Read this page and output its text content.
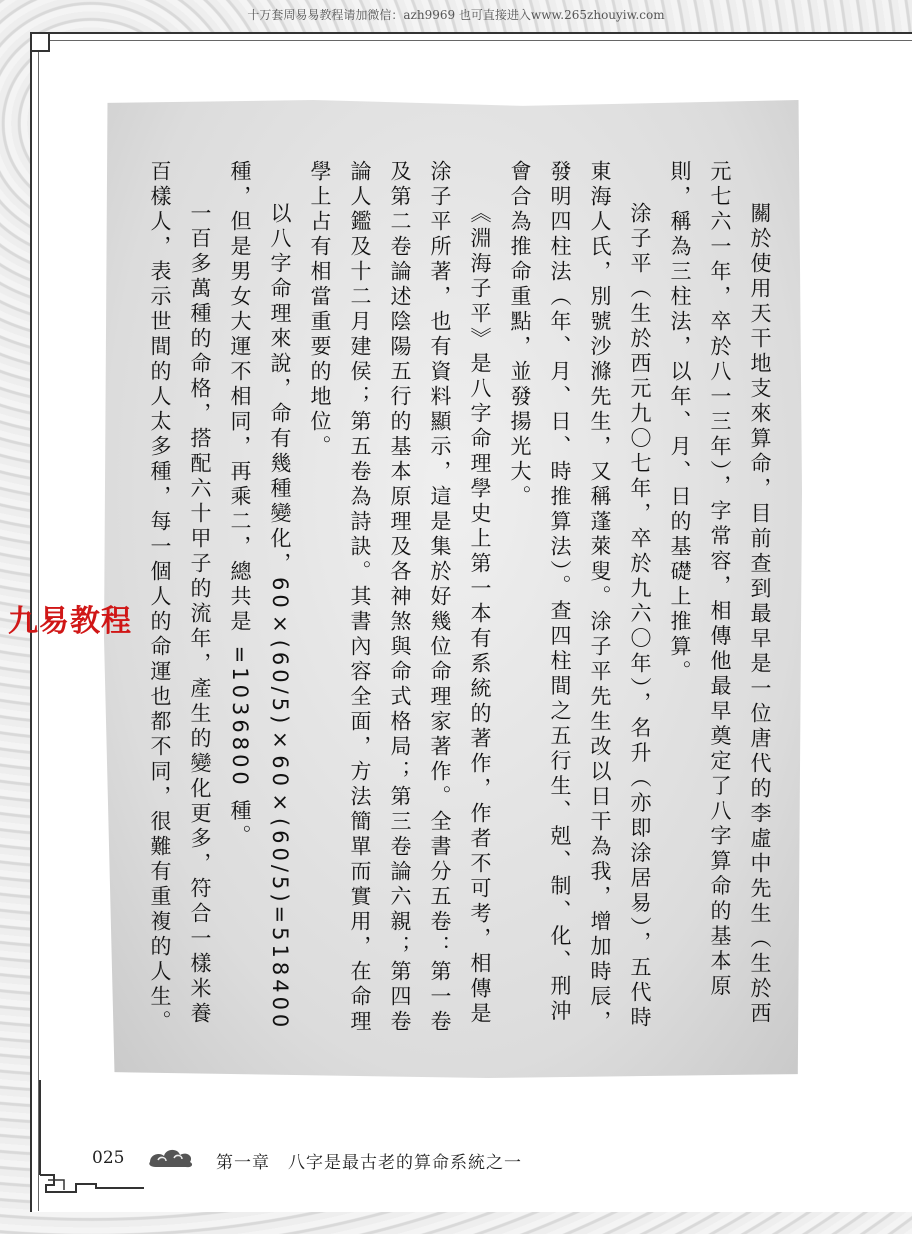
十万套周易易教程请加微信：azh9969 也可直接进入www.265zhouyiw.com

關於使用天干地支來算命，目前查到最早是一位唐代的李虛中先生（生於西元七六一年，卒於八一三年），字常容，相傳他最早奠定了八字算命的基本原則，稱為三柱法，以年、月、日的基礎上推算。

涂子平（生於西元九〇七年，卒於九六〇年），名升（亦即涂居易），五代時東海人氏，別號沙滌先生，又稱蓬萊叟。涂子平先生改以日干為我，增加時辰，發明四柱法（年、月、日、時推算法）。查四柱間之五行生、剋、制、化、刑沖會合為推命重點，並發揚光大。

《淵海子平》是八字命理學史上第一本有系統的著作，作者不可考，相傳是涂子平所著，也有資料顯示，這是集於好幾位命理家著作。全書分五卷：第一卷及第二卷論述陰陽五行的基本原理及各神煞與命式格局；第三卷論六親；第四卷論人鑑及十二月建侯；第五卷為詩訣。其書內容全面，方法簡單而實用，在命理學上占有相當重要的地位。

以八字命理來說，命有幾種變化，60×(60/5)×60×(60/5)=518400種，但是男女大運不相同，再乘二，總共是 =1036800 種。

一百多萬種的命格，搭配六十甲子的流年，產生的變化更多，符合一樣米養百樣人，表示世間的人太多種，每一個人的命運也都不同，很難有重複的人生。

九易教程
025	第一章　八字是最古老的算命系統之一
